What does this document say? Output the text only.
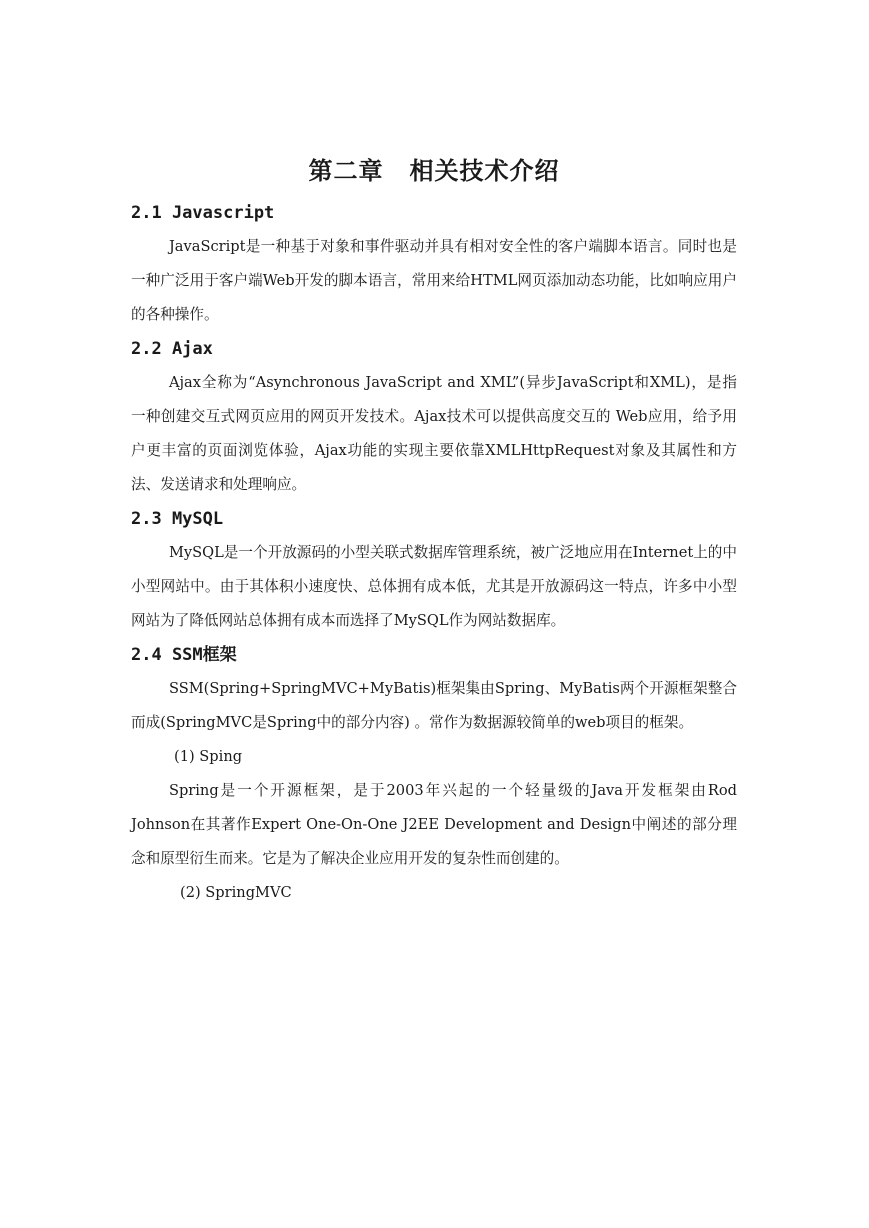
第二章 相关技术介绍
2.1 Javascript

JavaScript是一种基于对象和事件驱动并具有相对安全性的客户端脚本语言。同时也是一种广泛用于客户端Web开发的脚本语言，常用来给HTML网页添加动态功能，比如响应用户的各种操作。

2.2 Ajax

Ajax全称为“Asynchronous JavaScript and XML”(异步JavaScript和XML)，是指一种创建交互式网页应用的网页开发技术。Ajax技术可以提供高度交互的 Web应用，给予用户更丰富的页面浏览体验，Ajax功能的实现主要依靠XMLHttpRequest对象及其属性和方法、发送请求和处理响应。

2.3 MySQL

MySQL是一个开放源码的小型关联式数据库管理系统，被广泛地应用在Internet上的中小型网站中。由于其体积小速度快、总体拥有成本低，尤其是开放源码这一特点，许多中小型网站为了降低网站总体拥有成本而选择了MySQL作为网站数据库。

2.4 SSM框架

SSM(Spring+SpringMVC+MyBatis)框架集由Spring、MyBatis两个开源框架整合而成(SpringMVC是Spring中的部分内容) 。常作为数据源较简单的web项目的框架。

(1) Sping

Spring是一个开源框架，是于2003年兴起的一个轻量级的Java开发框架由Rod Johnson在其著作Expert One-On-One J2EE Development and Design中阐述的部分理念和原型衍生而来。它是为了解决企业应用开发的复杂性而创建的。

(2) SpringMVC
